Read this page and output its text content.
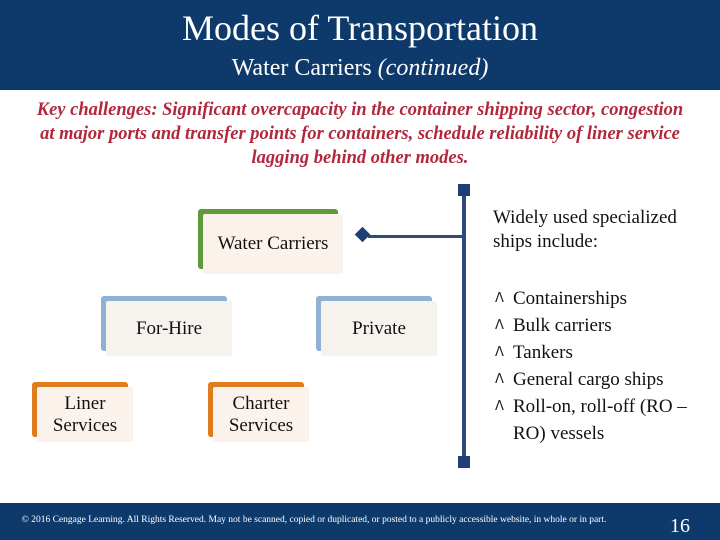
Modes of Transportation
Water Carriers (continued)
Key challenges: Significant overcapacity in the container shipping sector, congestion at major ports and transfer points for containers, schedule reliability of liner service lagging behind other modes.
Water Carriers
For-Hire	Private
Liner Services
Charter Services
Widely used specialized ships include:
Ʌ Containerships
Ʌ Bulk carriers
Ʌ Tankers
Ʌ General cargo ships
Ʌ Roll-on, roll-off (RO –RO) vessels
© 2016 Cengage Learning. All Rights Reserved. May not be scanned, copied or duplicated, or posted to a publicly accessible website, in whole or in part.	16
